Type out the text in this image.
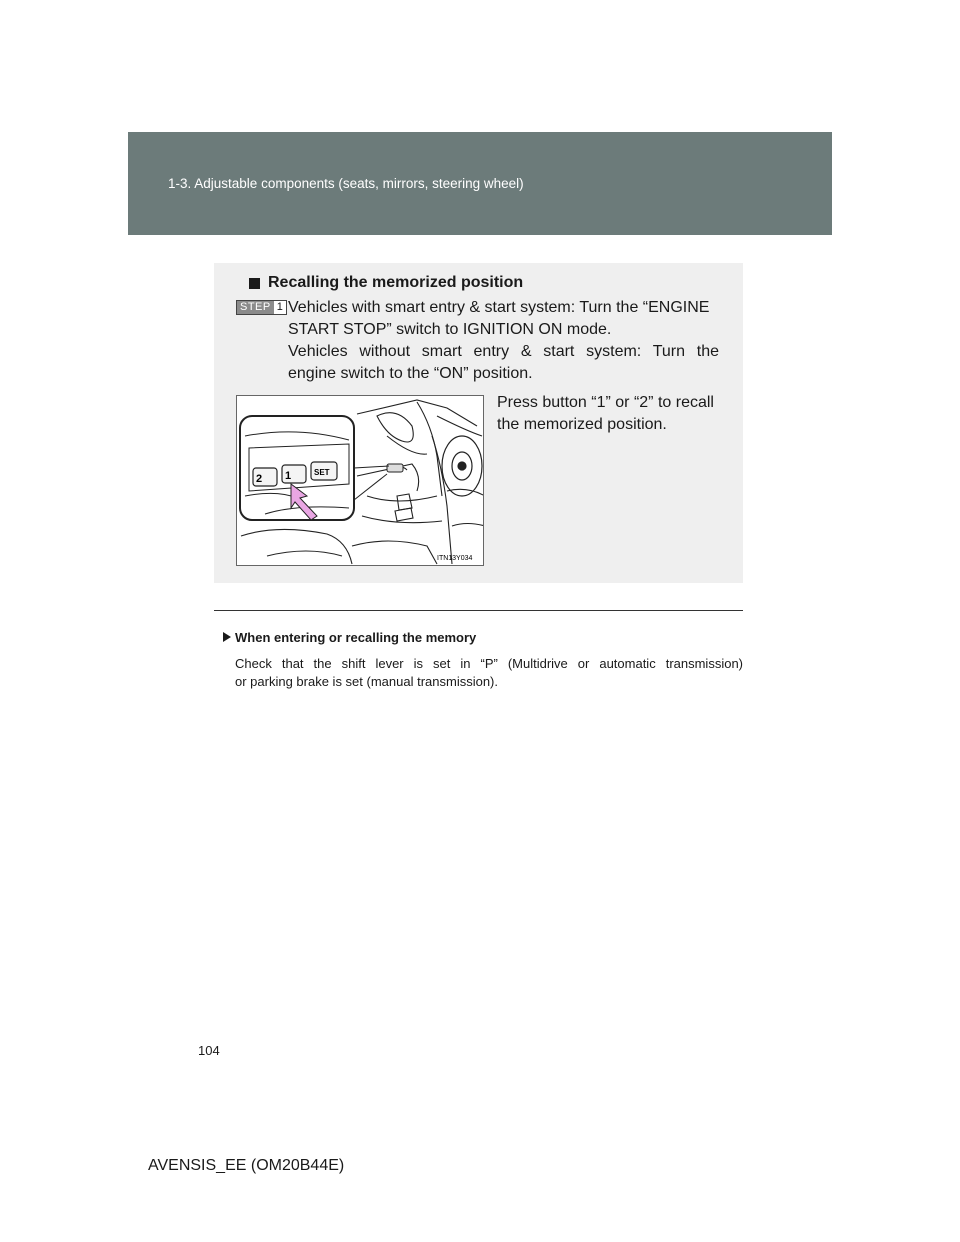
1-3. Adjustable components (seats, mirrors, steering wheel)
Recalling the memorized position
STEP 1 Vehicles with smart entry & start system: Turn the “ENGINE
START STOP” switch to IGNITION ON mode.
Vehicles without smart entry & start system: Turn the
engine switch to the “ON” position.
Press button “1” or “2” to recall
the memorized position.
2 1	SET
ITN13Y034
When entering or recalling the memory
Check that the shift lever is set in “P” (Multidrive or automatic transmission)
or parking brake is set (manual transmission).
104
AVENSIS_EE (OM20B44E)
